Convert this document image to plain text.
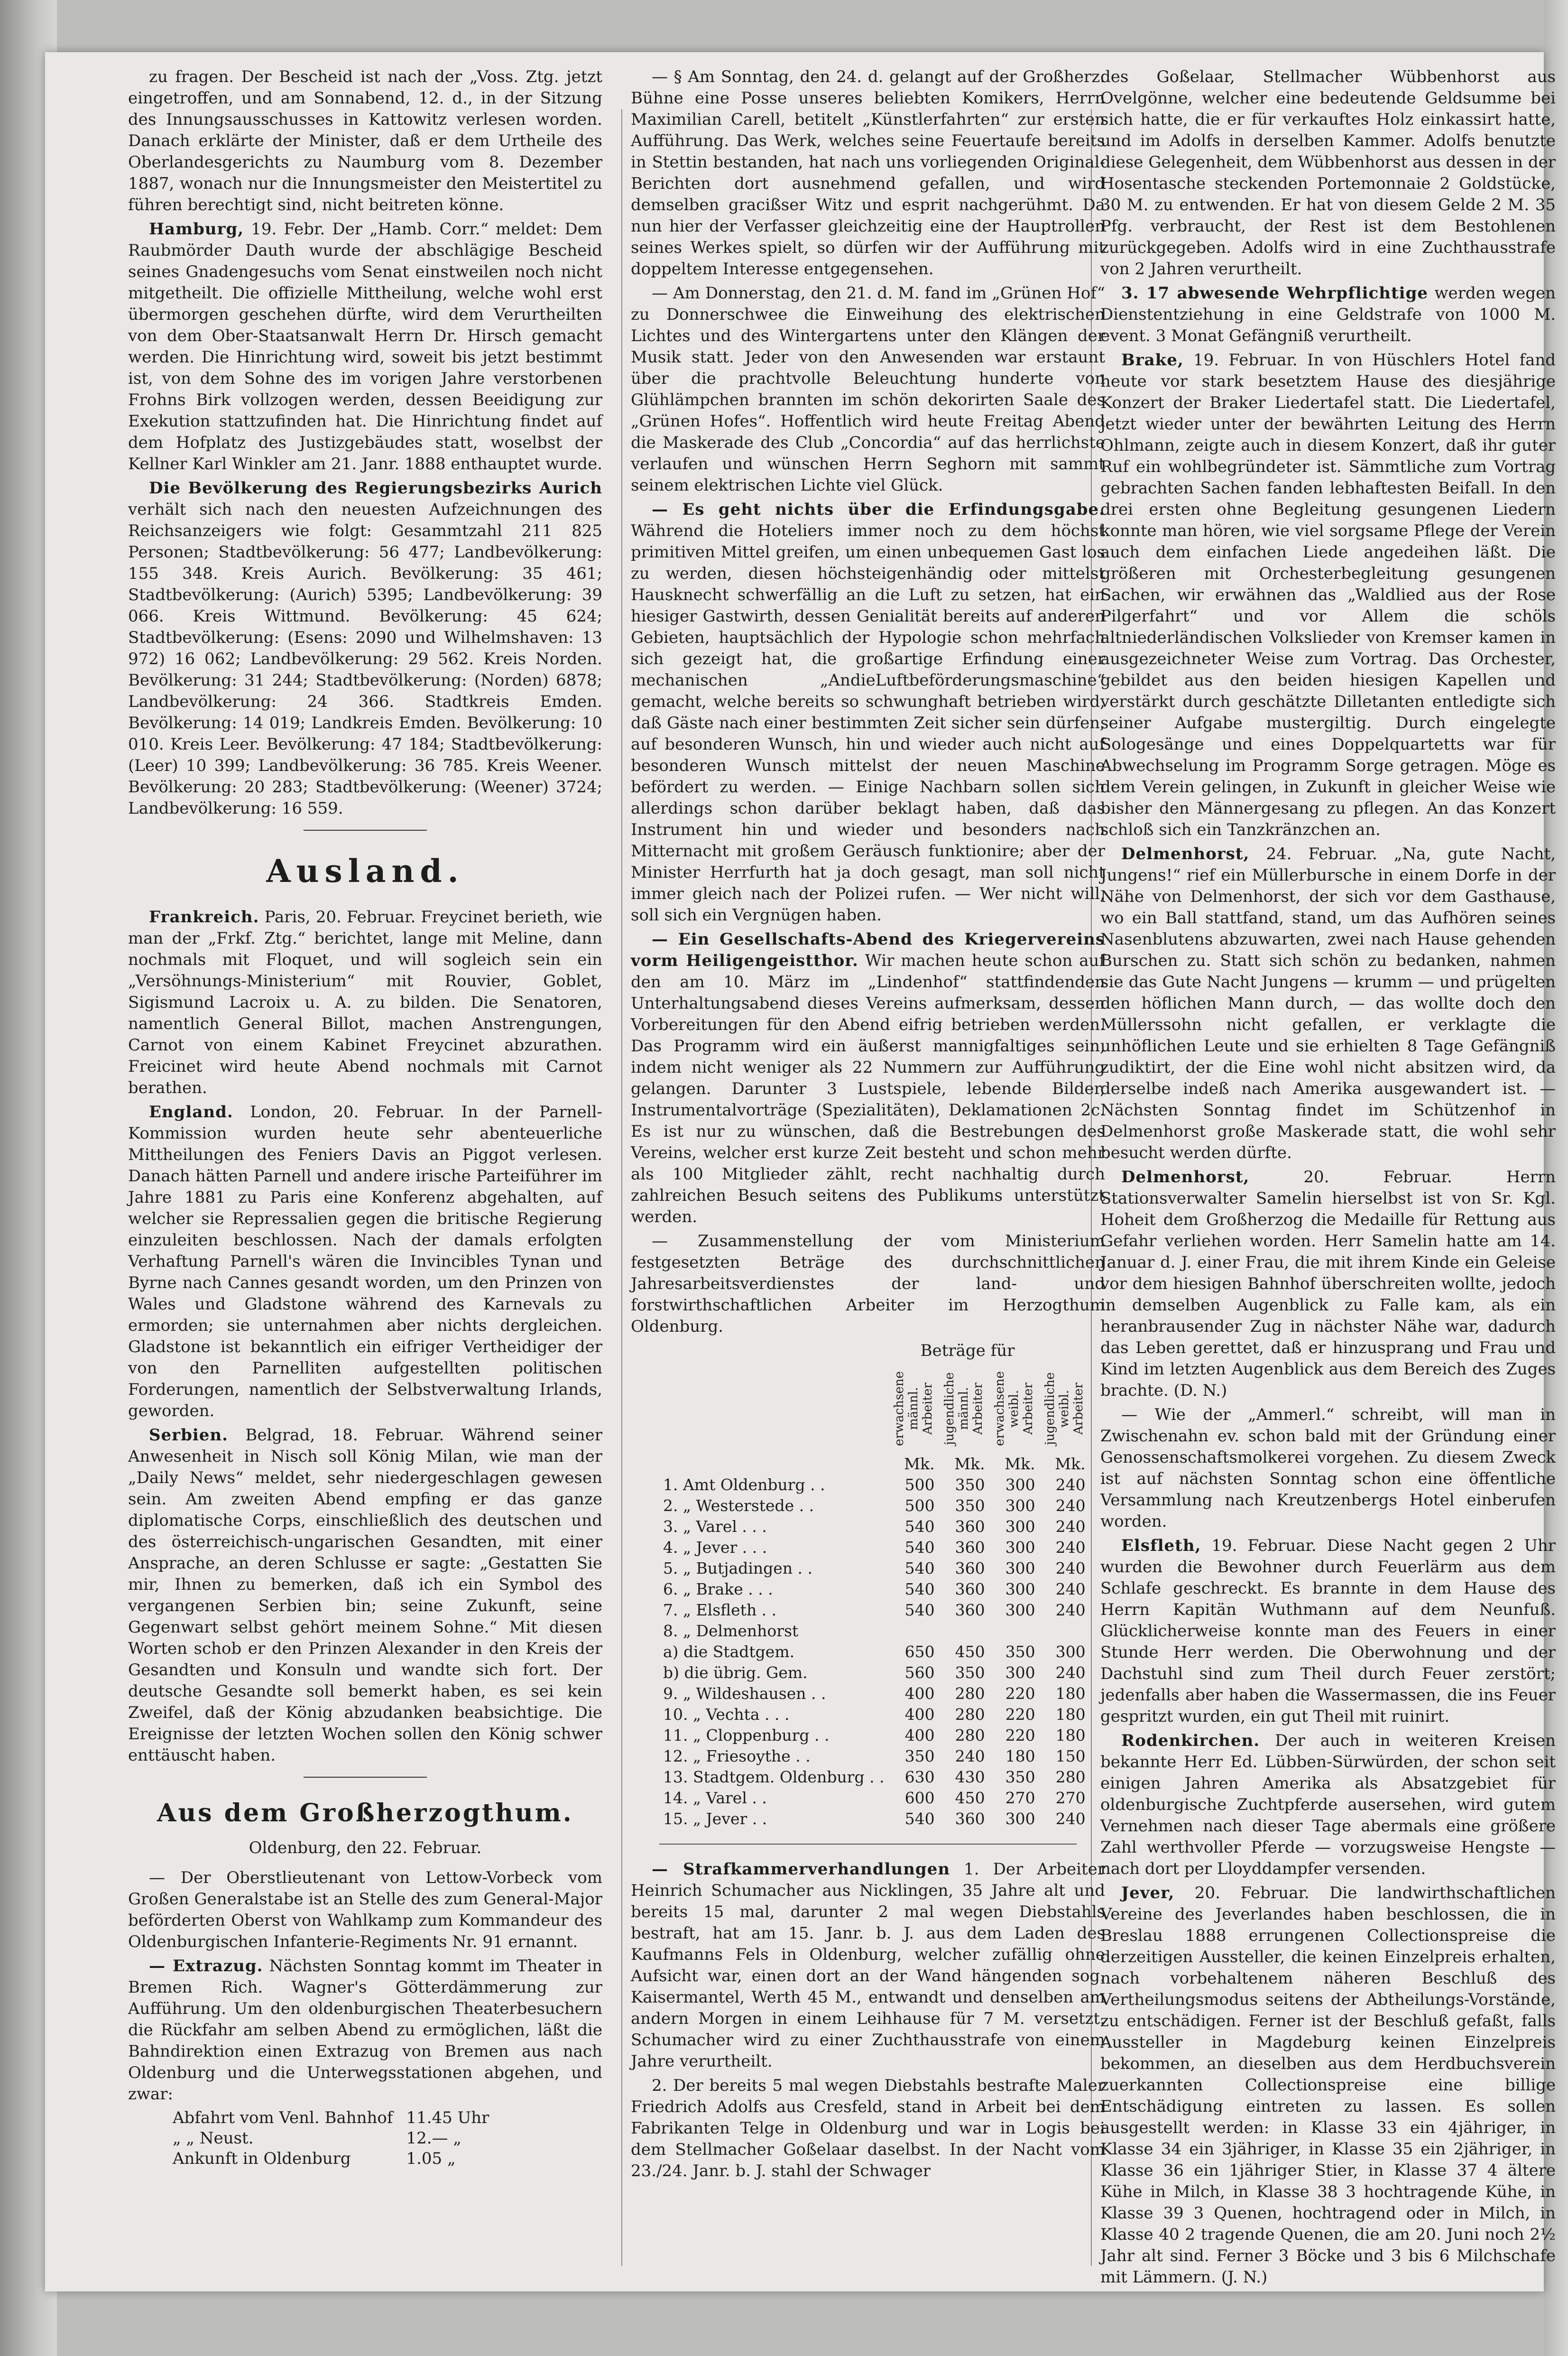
zu fragen. Der Bescheid ist nach der „Voss. Ztg. jetzt eingetroffen, und am Sonnabend, 12. d., in der Sitzung des Innungsausschusses in Kattowitz verlesen worden. Danach erklärte der Minister, daß er dem Urtheile des Oberlandesgerichts zu Naumburg vom 8. Dezember 1887, wonach nur die Innungsmeister den Meistertitel zu führen berechtigt sind, nicht beitreten könne.

Hamburg, 19. Febr. Der „Hamb. Corr.“ meldet: Dem Raubmörder Dauth wurde der abschlägige Bescheid seines Gnadengesuchs vom Senat einstweilen noch nicht mitgetheilt. Die offizielle Mittheilung, welche wohl erst übermorgen geschehen dürfte, wird dem Verurtheilten von dem Ober-Staatsanwalt Herrn Dr. Hirsch gemacht werden. Die Hinrichtung wird, soweit bis jetzt bestimmt ist, von dem Sohne des im vorigen Jahre verstorbenen Frohns Birk vollzogen werden, dessen Beeidigung zur Exekution stattzufinden hat. Die Hinrichtung findet auf dem Hofplatz des Justizgebäudes statt, woselbst der Kellner Karl Winkler am 21. Janr. 1888 enthauptet wurde.

Die Bevölkerung des Regierungsbezirks Aurich verhält sich nach den neuesten Aufzeichnungen des Reichsanzeigers wie folgt: Gesammtzahl 211 825 Personen; Stadtbevölkerung: 56 477; Landbevölkerung: 155 348. Kreis Aurich. Bevölkerung: 35 461; Stadtbevölkerung: (Aurich) 5395; Landbevölkerung: 39 066. Kreis Wittmund. Bevölkerung: 45 624; Stadtbevölkerung: (Esens: 2090 und Wilhelmshaven: 13 972) 16 062; Landbevölkerung: 29 562. Kreis Norden. Bevölkerung: 31 244; Stadtbevölkerung: (Norden) 6878; Landbevölkerung: 24 366. Stadtkreis Emden. Bevölkerung: 14 019; Landkreis Emden. Bevölkerung: 10 010. Kreis Leer. Bevölkerung: 47 184; Stadtbevölkerung: (Leer) 10 399; Landbevölkerung: 36 785. Kreis Weener. Bevölkerung: 20 283; Stadtbevölkerung: (Weener) 3724; Landbevölkerung: 16 559.

Ausland.

Frankreich. Paris, 20. Februar. Freycinet berieth, wie man der „Frkf. Ztg.“ berichtet, lange mit Meline, dann nochmals mit Floquet, und will sogleich sein ein „Versöhnungs-Ministerium“ mit Rouvier, Goblet, Sigismund Lacroix u. A. zu bilden. Die Senatoren, namentlich General Billot, machen Anstrengungen, Carnot von einem Kabinet Freycinet abzurathen. Freicinet wird heute Abend nochmals mit Carnot berathen.

England. London, 20. Februar. In der Parnell-Kommission wurden heute sehr abenteuerliche Mittheilungen des Feniers Davis an Piggot verlesen. Danach hätten Parnell und andere irische Parteiführer im Jahre 1881 zu Paris eine Konferenz abgehalten, auf welcher sie Repressalien gegen die britische Regierung einzuleiten beschlossen. Nach der damals erfolgten Verhaftung Parnell's wären die Invincibles Tynan und Byrne nach Cannes gesandt worden, um den Prinzen von Wales und Gladstone während des Karnevals zu ermorden; sie unternahmen aber nichts dergleichen. Gladstone ist bekanntlich ein eifriger Vertheidiger der von den Parnelliten aufgestellten politischen Forderungen, namentlich der Selbstverwaltung Irlands, geworden.

Serbien. Belgrad, 18. Februar. Während seiner Anwesenheit in Nisch soll König Milan, wie man der „Daily News“ meldet, sehr niedergeschlagen gewesen sein. Am zweiten Abend empfing er das ganze diplomatische Corps, einschließlich des deutschen und des österreichisch-ungarischen Gesandten, mit einer Ansprache, an deren Schlusse er sagte: „Gestatten Sie mir, Ihnen zu bemerken, daß ich ein Symbol des vergangenen Serbien bin; seine Zukunft, seine Gegenwart selbst gehört meinem Sohne.“ Mit diesen Worten schob er den Prinzen Alexander in den Kreis der Gesandten und Konsuln und wandte sich fort. Der deutsche Gesandte soll bemerkt haben, es sei kein Zweifel, daß der König abzudanken beabsichtige. Die Ereignisse der letzten Wochen sollen den König schwer enttäuscht haben.

Aus dem Großherzogthum.

Oldenburg, den 22. Februar.

— Der Oberstlieutenant von Lettow-Vorbeck vom Großen Generalstabe ist an Stelle des zum General-Major beförderten Oberst von Wahlkamp zum Kommandeur des Oldenburgischen Infanterie-Regiments Nr. 91 ernannt.

— Extrazug. Nächsten Sonntag kommt im Theater in Bremen Rich. Wagner's Götterdämmerung zur Aufführung. Um den oldenburgischen Theaterbesuchern die Rückfahr am selben Abend zu ermöglichen, läßt die Bahndirektion einen Extrazug von Bremen aus nach Oldenburg und die Unterwegsstationen abgehen, und zwar:

Abfahrt vom Venl. Bahnhof	11.45 Uhr
„ „ Neust.	12.— „
Ankunft in Oldenburg	1.05 „

— § Am Sonntag, den 24. d. gelangt auf der Großherz. Bühne eine Posse unseres beliebten Komikers, Herrn Maximilian Carell, betitelt „Künstlerfahrten“ zur ersten Aufführung. Das Werk, welches seine Feuertaufe bereits in Stettin bestanden, hat nach uns vorliegenden Original-Berichten dort ausnehmend gefallen, und wird demselben gracißser Witz und esprit nachgerühmt. Da nun hier der Verfasser gleichzeitig eine der Hauptrollen seines Werkes spielt, so dürfen wir der Aufführung mit doppeltem Interesse entgegensehen.

— Am Donnerstag, den 21. d. M. fand im „Grünen Hof“ zu Donnerschwee die Einweihung des elektrischen Lichtes und des Wintergartens unter den Klängen der Musik statt. Jeder von den Anwesenden war erstaunt über die prachtvolle Beleuchtung hunderte von Glühlämpchen brannten im schön dekorirten Saale des „Grünen Hofes“. Hoffentlich wird heute Freitag Abend die Maskerade des Club „Concordia“ auf das herrlichste verlaufen und wünschen Herrn Seghorn mit sammt seinem elektrischen Lichte viel Glück.

— Es geht nichts über die Erfindungsgabe. Während die Hoteliers immer noch zu dem höchst primitiven Mittel greifen, um einen unbequemen Gast los zu werden, diesen höchsteigenhändig oder mittelst Hausknecht schwerfällig an die Luft zu setzen, hat ein hiesiger Gastwirth, dessen Genialität bereits auf anderen Gebieten, hauptsächlich der Hypologie schon mehrfach sich gezeigt hat, die großartige Erfindung einer mechanischen „AndieLuftbeförderungsmaschine“ gemacht, welche bereits so schwunghaft betrieben wird, daß Gäste nach einer bestimmten Zeit sicher sein dürfen, auf besonderen Wunsch, hin und wieder auch nicht auf besonderen Wunsch mittelst der neuen Maschine befördert zu werden. — Einige Nachbarn sollen sich allerdings schon darüber beklagt haben, daß das Instrument hin und wieder und besonders nach Mitternacht mit großem Geräusch funktionire; aber der Minister Herrfurth hat ja doch gesagt, man soll nicht immer gleich nach der Polizei rufen. — Wer nicht will, soll sich ein Vergnügen haben.

— Ein Gesellschafts-Abend des Kriegervereins vorm Heiligengeistthor. Wir machen heute schon auf den am 10. März im „Lindenhof“ stattfindenden Unterhaltungsabend dieses Vereins aufmerksam, dessen Vorbereitungen für den Abend eifrig betrieben werden. Das Programm wird ein äußerst mannigfaltiges sein, indem nicht weniger als 22 Nummern zur Aufführung gelangen. Darunter 3 Lustspiele, lebende Bilder, Instrumentalvorträge (Spezialitäten), Deklamationen 2c. Es ist nur zu wünschen, daß die Bestrebungen des Vereins, welcher erst kurze Zeit besteht und schon mehr als 100 Mitglieder zählt, recht nachhaltig durch zahlreichen Besuch seitens des Publikums unterstützt werden.

— Zusammenstellung der vom Ministerium festgesetzten Beträge des durchschnittlichen Jahresarbeitsverdienstes der land- und forstwirthschaftlichen Arbeiter im Herzogthum Oldenburg.

Beträge für

	erwachsene männl. Arbeiter	jugendliche männl. Arbeiter	erwachsene weibl. Arbeiter	jugendliche weibl. Arbeiter

	Mk.	Mk.	Mk.	Mk.
1. Amt Oldenburg . .	500	350	300	240
2. „ Westerstede . .	500	350	300	240
3. „ Varel . . .	540	360	300	240
4. „ Jever . . .	540	360	300	240
5. „ Butjadingen . .	540	360	300	240
6. „ Brake . . .	540	360	300	240
7. „ Elsfleth . .	540	360	300	240
8. „ Delmenhorst				
a) die Stadtgem.	650	450	350	300
b) die übrig. Gem.	560	350	300	240
9. „ Wildeshausen . .	400	280	220	180
10. „ Vechta . . .	400	280	220	180
11. „ Cloppenburg . .	400	280	220	180
12. „ Friesoythe . .	350	240	180	150
13. Stadtgem. Oldenburg . .	630	430	350	280
14. „ Varel . .	600	450	270	270
15. „ Jever . .	540	360	300	240

— Strafkammerverhandlungen 1. Der Arbeiter Heinrich Schumacher aus Nicklingen, 35 Jahre alt und bereits 15 mal, darunter 2 mal wegen Diebstahls bestraft, hat am 15. Janr. b. J. aus dem Laden des Kaufmanns Fels in Oldenburg, welcher zufällig ohne Aufsicht war, einen dort an der Wand hängenden sog. Kaisermantel, Werth 45 M., entwandt und denselben am andern Morgen in einem Leihhause für 7 M. versetzt. Schumacher wird zu einer Zuchthausstrafe von einem Jahre verurtheilt.

2. Der bereits 5 mal wegen Diebstahls bestrafte Maler Friedrich Adolfs aus Cresfeld, stand in Arbeit bei dem Fabrikanten Telge in Oldenburg und war in Logis bei dem Stellmacher Goßelaar daselbst. In der Nacht vom 23./24. Janr. b. J. stahl der Schwager

des Goßelaar, Stellmacher Wübbenhorst aus Ovelgönne, welcher eine bedeutende Geldsumme bei sich hatte, die er für verkauftes Holz einkassirt hatte, und im Adolfs in derselben Kammer. Adolfs benutzte diese Gelegenheit, dem Wübbenhorst aus dessen in der Hosentasche steckenden Portemonnaie 2 Goldstücke, 30 M. zu entwenden. Er hat von diesem Gelde 2 M. 35 Pfg. verbraucht, der Rest ist dem Bestohlenen zurückgegeben. Adolfs wird in eine Zuchthausstrafe von 2 Jahren verurtheilt.

3. 17 abwesende Wehrpflichtige werden wegen Dienstentziehung in eine Geldstrafe von 1000 M. event. 3 Monat Gefängniß verurtheilt.

Brake, 19. Februar. In von Hüschlers Hotel fand heute vor stark besetztem Hause des diesjährige Konzert der Braker Liedertafel statt. Die Liedertafel, jetzt wieder unter der bewährten Leitung des Herrn Ohlmann, zeigte auch in diesem Konzert, daß ihr guter Ruf ein wohlbegründeter ist. Sämmtliche zum Vortrag gebrachten Sachen fanden lebhaftesten Beifall. In den drei ersten ohne Begleitung gesungenen Liedern konnte man hören, wie viel sorgsame Pflege der Verein auch dem einfachen Liede angedeihen läßt. Die größeren mit Orchesterbegleitung gesungenen Sachen, wir erwähnen das „Waldlied aus der Rose Pilgerfahrt“ und vor Allem die schöls altniederländischen Volkslieder von Kremser kamen in ausgezeichneter Weise zum Vortrag. Das Orchester, gebildet aus den beiden hiesigen Kapellen und verstärkt durch geschätzte Dilletanten entledigte sich seiner Aufgabe mustergiltig. Durch eingelegte Sologesänge und eines Doppelquartetts war für Abwechselung im Programm Sorge getragen. Möge es dem Verein gelingen, in Zukunft in gleicher Weise wie bisher den Männergesang zu pflegen. An das Konzert schloß sich ein Tanzkränzchen an.

Delmenhorst, 24. Februar. „Na, gute Nacht, Jungens!“ rief ein Müllerbursche in einem Dorfe in der Nähe von Delmenhorst, der sich vor dem Gasthause, wo ein Ball stattfand, stand, um das Aufhören seines Nasenblutens abzuwarten, zwei nach Hause gehenden Burschen zu. Statt sich schön zu bedanken, nahmen sie das Gute Nacht Jungens — krumm — und prügelten den höflichen Mann durch, — das wollte doch den Müllerssohn nicht gefallen, er verklagte die unhöflichen Leute und sie erhielten 8 Tage Gefängniß zudiktirt, der die Eine wohl nicht absitzen wird, da derselbe indeß nach Amerika ausgewandert ist. — Nächsten Sonntag findet im Schützenhof in Delmenhorst große Maskerade statt, die wohl sehr besucht werden dürfte.

Delmenhorst, 20. Februar. Herrn Stationsverwalter Samelin hierselbst ist von Sr. Kgl. Hoheit dem Großherzog die Medaille für Rettung aus Gefahr verliehen worden. Herr Samelin hatte am 14. Januar d. J. einer Frau, die mit ihrem Kinde ein Geleise vor dem hiesigen Bahnhof überschreiten wollte, jedoch in demselben Augenblick zu Falle kam, als ein heranbrausender Zug in nächster Nähe war, dadurch das Leben gerettet, daß er hinzusprang und Frau und Kind im letzten Augenblick aus dem Bereich des Zuges brachte. (D. N.)

— Wie der „Ammerl.“ schreibt, will man in Zwischenahn ev. schon bald mit der Gründung einer Genossenschaftsmolkerei vorgehen. Zu diesem Zweck ist auf nächsten Sonntag schon eine öffentliche Versammlung nach Kreutzenbergs Hotel einberufen worden.

Elsfleth, 19. Februar. Diese Nacht gegen 2 Uhr wurden die Bewohner durch Feuerlärm aus dem Schlafe geschreckt. Es brannte in dem Hause des Herrn Kapitän Wuthmann auf dem Neunfuß. Glücklicherweise konnte man des Feuers in einer Stunde Herr werden. Die Oberwohnung und der Dachstuhl sind zum Theil durch Feuer zerstört; jedenfalls aber haben die Wassermassen, die ins Feuer gespritzt wurden, ein gut Theil mit ruinirt.

Rodenkirchen. Der auch in weiteren Kreisen bekannte Herr Ed. Lübben-Sürwürden, der schon seit einigen Jahren Amerika als Absatzgebiet für oldenburgische Zuchtpferde ausersehen, wird gutem Vernehmen nach dieser Tage abermals eine größere Zahl werthvoller Pferde — vorzugsweise Hengste — nach dort per Lloyddampfer versenden.

Jever, 20. Februar. Die landwirthschaftlichen Vereine des Jeverlandes haben beschlossen, die in Breslau 1888 errungenen Collectionspreise die derzeitigen Aussteller, die keinen Einzelpreis erhalten, nach vorbehaltenem näheren Beschluß des Vertheilungsmodus seitens der Abtheilungs-Vorstände, zu entschädigen. Ferner ist der Beschluß gefaßt, falls Aussteller in Magdeburg keinen Einzelpreis bekommen, an dieselben aus dem Herdbuchsverein zuerkannten Collectionspreise eine billige Entschädigung eintreten zu lassen. Es sollen ausgestellt werden: in Klasse 33 ein 4jähriger, in Klasse 34 ein 3jähriger, in Klasse 35 ein 2jähriger, in Klasse 36 ein 1jähriger Stier, in Klasse 37 4 ältere Kühe in Milch, in Klasse 38 3 hochtragende Kühe, in Klasse 39 3 Quenen, hochtragend oder in Milch, in Klasse 40 2 tragende Quenen, die am 20. Juni noch 2½ Jahr alt sind. Ferner 3 Böcke und 3 bis 6 Milchschafe mit Lämmern. (J. N.)
